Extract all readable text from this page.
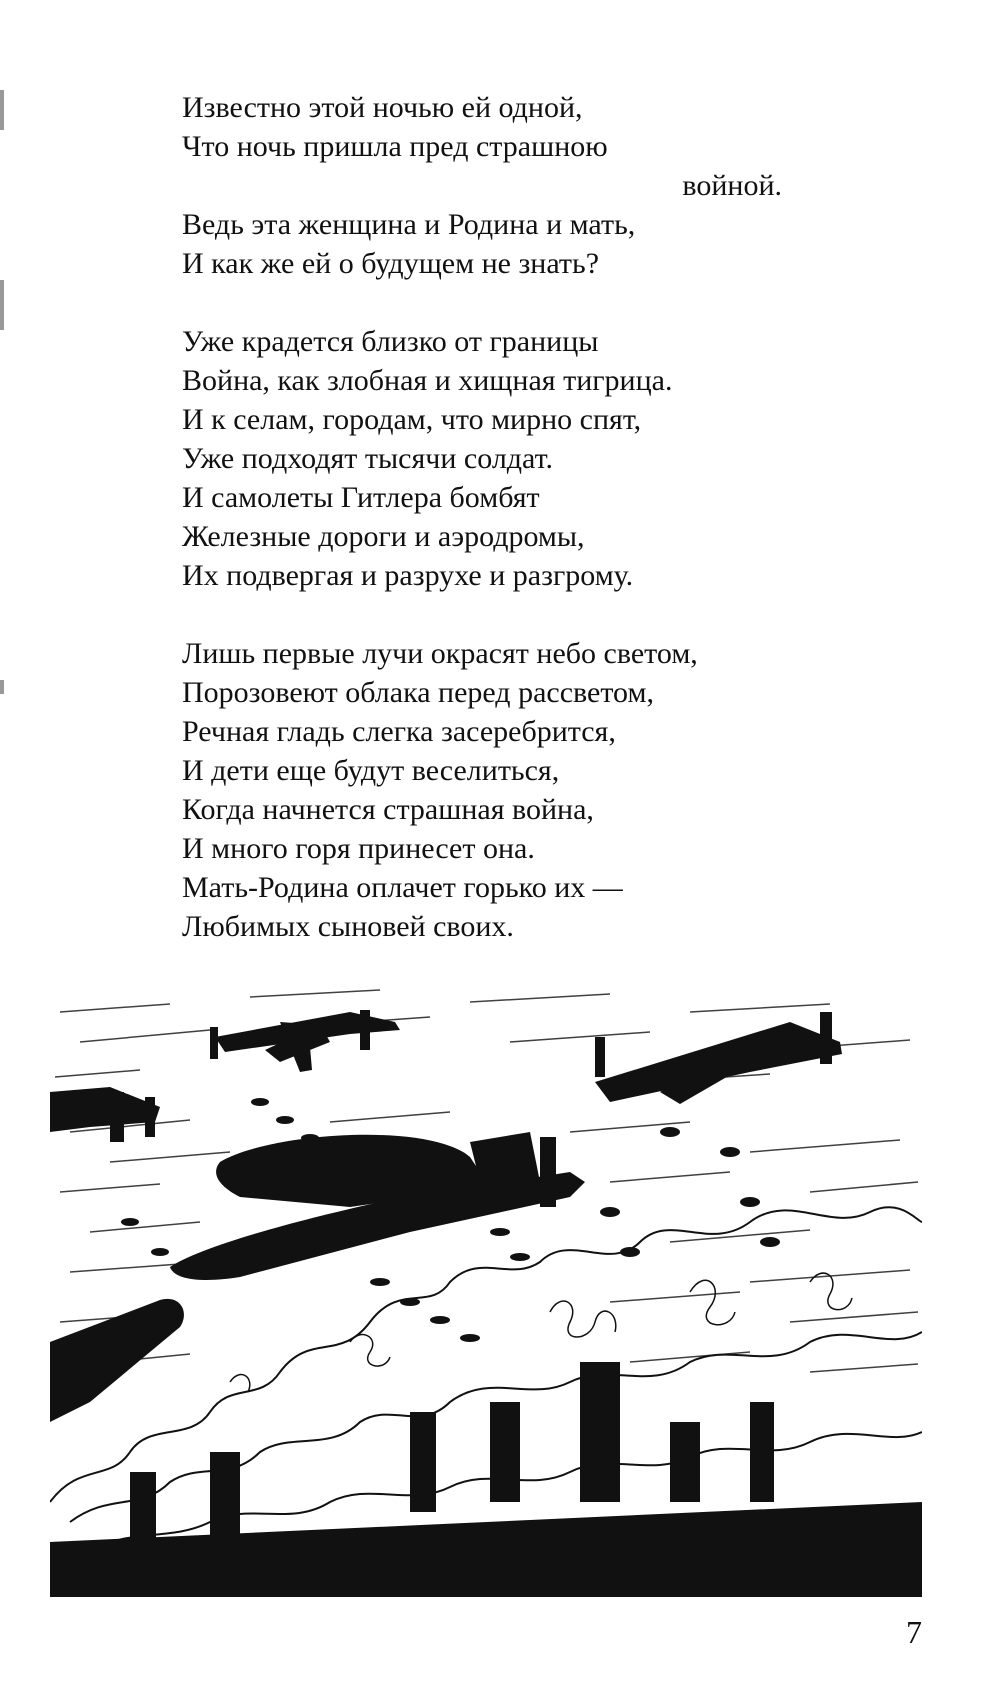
Известно этой ночью ей одной,
Что ночь пришла пред страшною
войной.
Ведь эта женщина и Родина и мать,
И как же ей о будущем не знать?
Уже крадется близко от границы
Война, как злобная и хищная тигрица.
И к селам, городам, что мирно спят,
Уже подходят тысячи солдат.
И самолеты Гитлера бомбят
Железные дороги и аэродромы,
Их подвергая и разрухе и разгрому.
Лишь первые лучи окрасят небо светом,
Порозовеют облака перед рассветом,
Речная гладь слегка засеребрится,
И дети еще будут веселиться,
Когда начнется страшная война,
И много горя принесет она.
Мать-Родина оплачет горько их —
Любимых сыновей своих.
7
